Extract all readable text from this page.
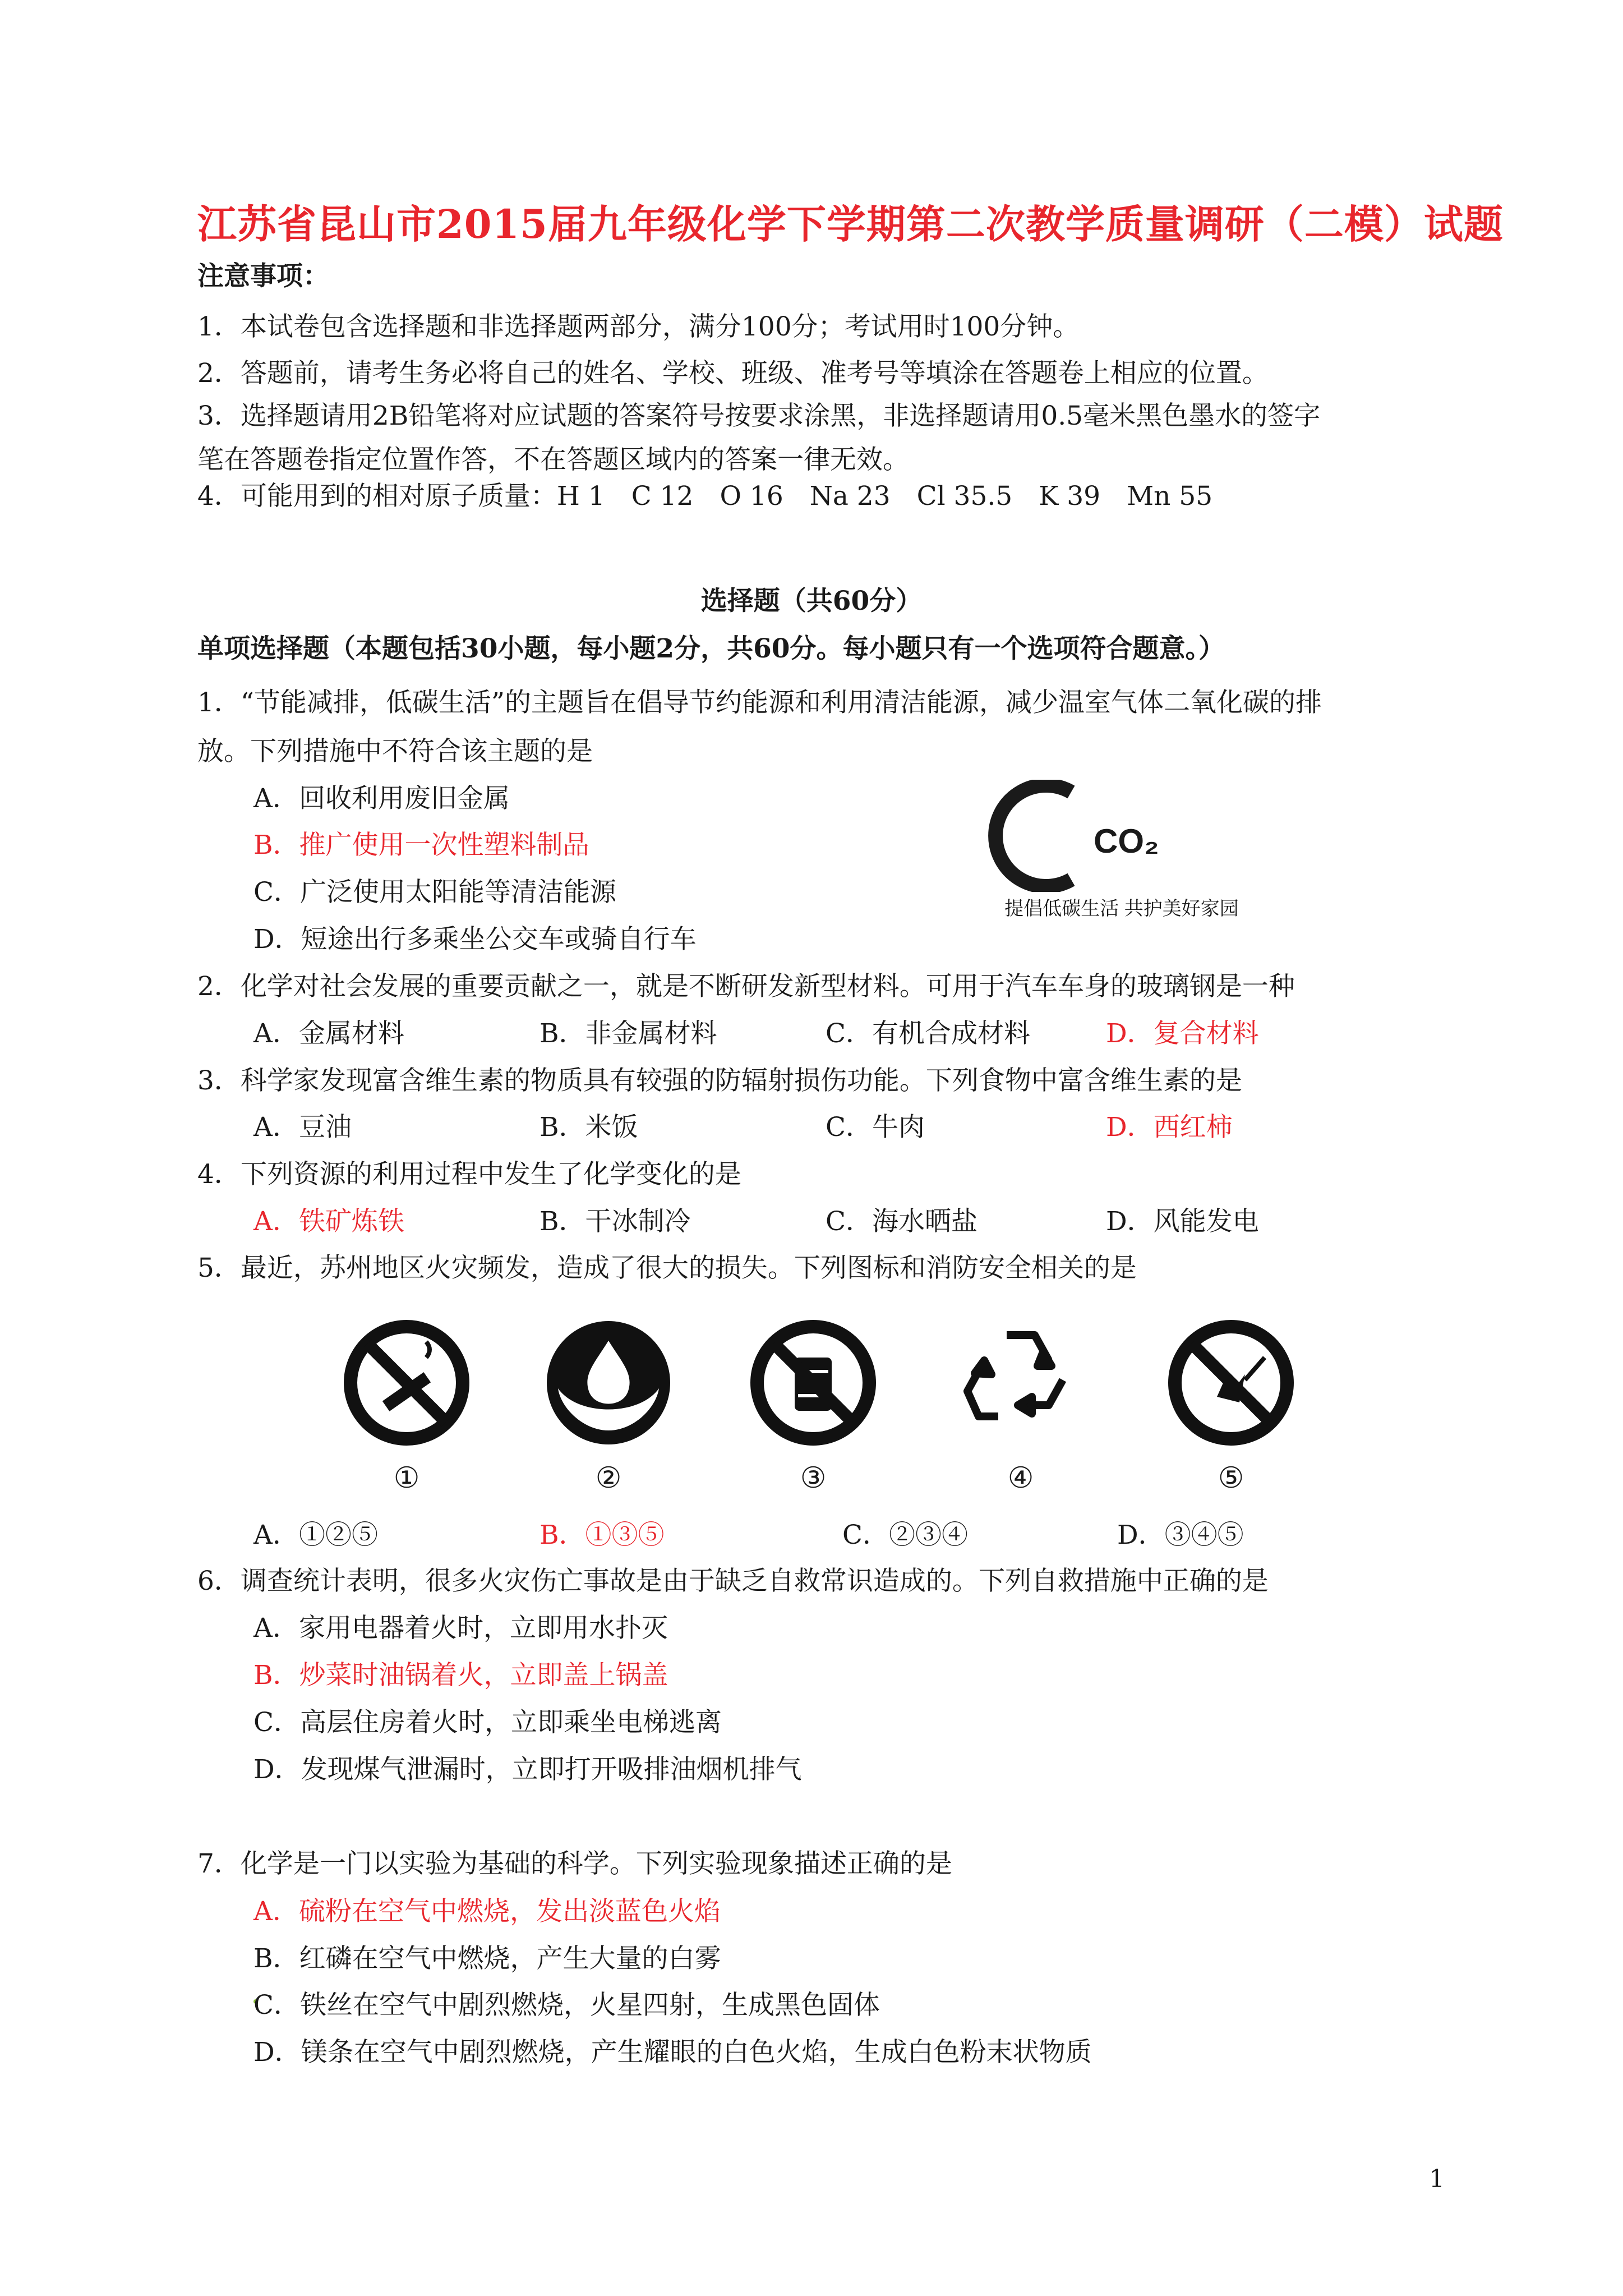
江苏省昆山市2015届九年级化学下学期第二次教学质量调研（二模）试题
注意事项：
1．本试卷包含选择题和非选择题两部分，满分100分；考试用时100分钟。
2．答题前，请考生务必将自己的姓名、学校、班级、准考号等填涂在答题卷上相应的位置。
3．选择题请用2B铅笔将对应试题的答案符号按要求涂黑，非选择题请用0.5毫米黑色墨水的签字
笔在答题卷指定位置作答，不在答题区域内的答案一律无效。
4．可能用到的相对原子质量：H 1　C 12　O 16　Na 23　Cl 35.5　K 39　Mn 55
选择题（共60分）
单项选择题（本题包括30小题，每小题2分，共60分。每小题只有一个选项符合题意。）
1．“节能减排，低碳生活”的主题旨在倡导节约能源和利用清洁能源，减少温室气体二氧化碳的排
放。下列措施中不符合该主题的是
A．回收利用废旧金属
B．推广使用一次性塑料制品
C．广泛使用太阳能等清洁能源
D．短途出行多乘坐公交车或骑自行车
CO₂
提倡低碳生活 共护美好家园
2．化学对社会发展的重要贡献之一，就是不断研发新型材料。可用于汽车车身的玻璃钢是一种
A．金属材料	B．非金属材料	C．有机合成材料	D．复合材料
3．科学家发现富含维生素的物质具有较强的防辐射损伤功能。下列食物中富含维生素的是
A．豆油	B．米饭	C．牛肉	D．西红柿
4．下列资源的利用过程中发生了化学变化的是
A．铁矿炼铁	B．干冰制冷	C．海水晒盐	D．风能发电
5．最近，苏州地区火灾频发，造成了很大的损失。下列图标和消防安全相关的是
①	②	③	④	⑤
A．①②⑤	B．①③⑤	C．②③④	D．③④⑤
6．调查统计表明，很多火灾伤亡事故是由于缺乏自救常识造成的。下列自救措施中正确的是
A．家用电器着火时，立即用水扑灭
B．炒菜时油锅着火，立即盖上锅盖
C．高层住房着火时，立即乘坐电梯逃离
D．发现煤气泄漏时，立即打开吸排油烟机排气
7．化学是一门以实验为基础的科学。下列实验现象描述正确的是
A．硫粉在空气中燃烧，发出淡蓝色火焰
B．红磷在空气中燃烧，产生大量的白雾
C．铁丝在空气中剧烈燃烧，火星四射，生成黑色固体
D．镁条在空气中剧烈燃烧，产生耀眼的白色火焰，生成白色粉末状物质
1
